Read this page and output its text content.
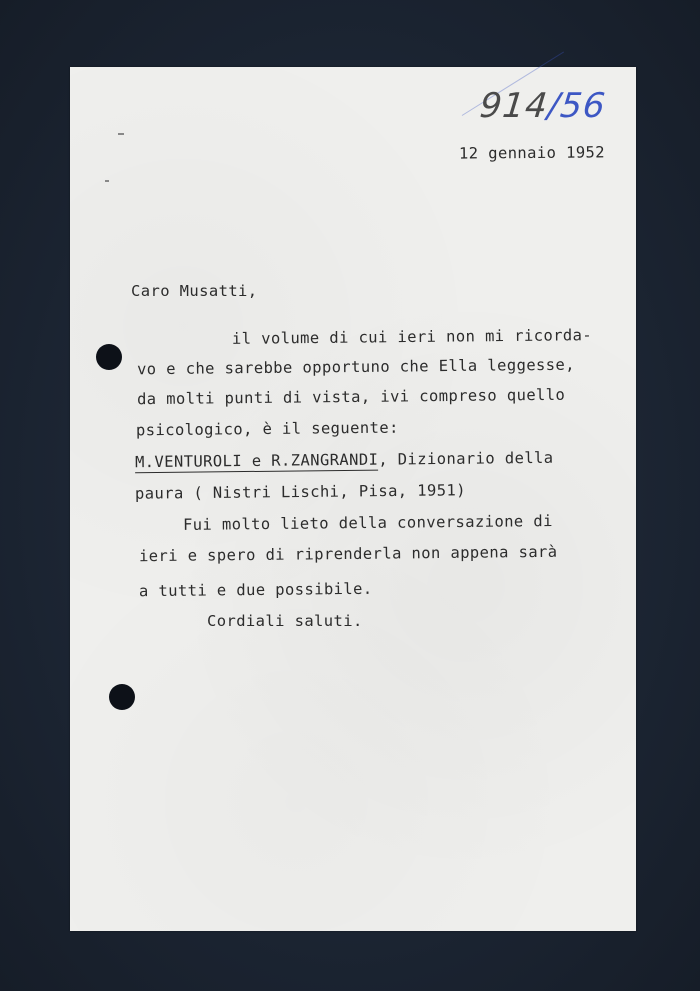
914/56
12 gennaio 1952
Caro Musatti,
il volume di cui ieri non mi ricorda-
vo e che sarebbe opportuno che Ella leggesse,
da molti punti di vista, ivi compreso quello
psicologico, è il seguente:
M.VENTUROLI e R.ZANGRANDI, Dizionario della
paura ( Nistri Lischi, Pisa, 1951)
Fui molto lieto della conversazione di
ieri e spero di riprenderla non appena sarà
a tutti e due possibile.
Cordiali saluti.
